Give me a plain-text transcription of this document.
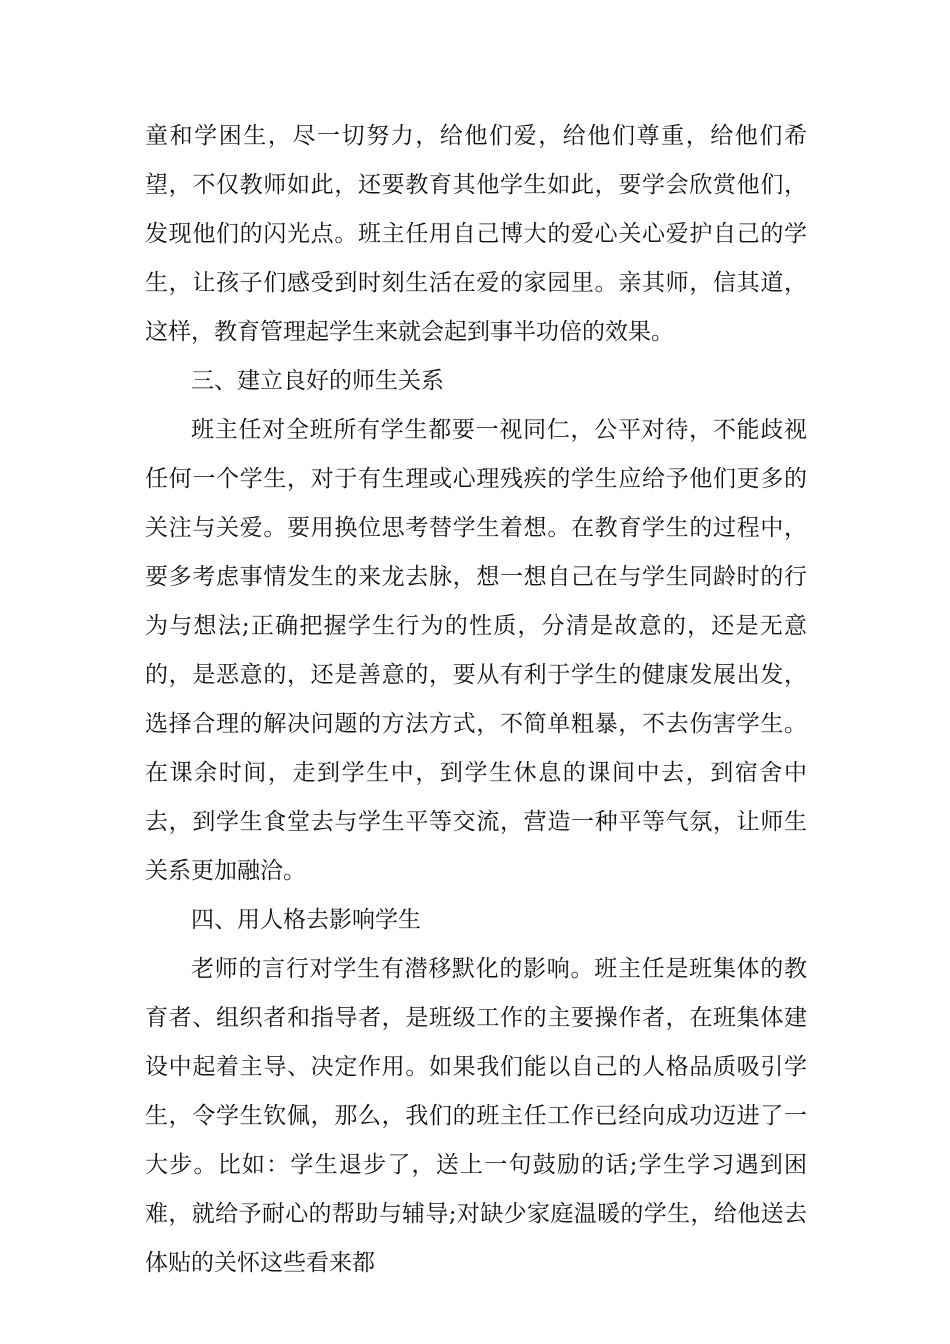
童和学困生，尽一切努力，给他们爱，给他们尊重，给他们希望，不仅教师如此，还要教育其他学生如此，要学会欣赏他们，发现他们的闪光点。班主任用自己博大的爱心关心爱护自己的学生，让孩子们感受到时刻生活在爱的家园里。亲其师，信其道，这样，教育管理起学生来就会起到事半功倍的效果。

三、建立良好的师生关系

班主任对全班所有学生都要一视同仁，公平对待，不能歧视任何一个学生，对于有生理或心理残疾的学生应给予他们更多的关注与关爱。要用换位思考替学生着想。在教育学生的过程中，要多考虑事情发生的来龙去脉，想一想自己在与学生同龄时的行为与想法;正确把握学生行为的性质，分清是故意的，还是无意的，是恶意的，还是善意的，要从有利于学生的健康发展出发，选择合理的解决问题的方法方式，不简单粗暴，不去伤害学生。在课余时间，走到学生中，到学生休息的课间中去，到宿舍中去，到学生食堂去与学生平等交流，营造一种平等气氛，让师生关系更加融洽。

四、用人格去影响学生

老师的言行对学生有潜移默化的影响。班主任是班集体的教育者、组织者和指导者，是班级工作的主要操作者，在班集体建设中起着主导、决定作用。如果我们能以自己的人格品质吸引学生，令学生钦佩，那么，我们的班主任工作已经向成功迈进了一大步。比如：学生退步了，送上一句鼓励的话;学生学习遇到困难，就给予耐心的帮助与辅导;对缺少家庭温暖的学生，给他送去体贴的关怀这些看来都
